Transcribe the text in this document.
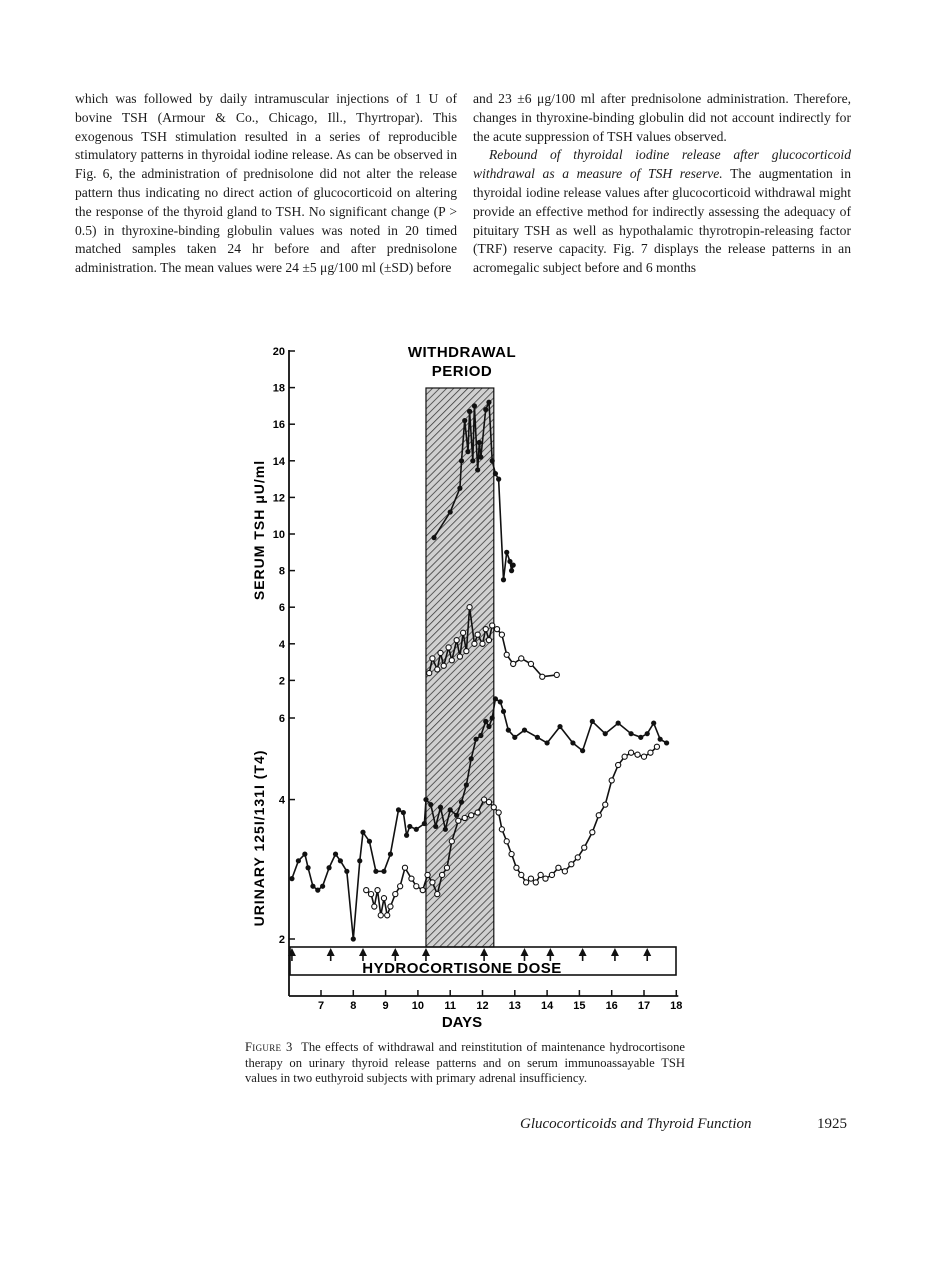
which was followed by daily intramuscular injections of 1 U of bovine TSH (Armour & Co., Chicago, Ill., Thyrtropar). This exogenous TSH stimulation resulted in a series of reproducible stimulatory patterns in thyroidal iodine release. As can be observed in Fig. 6, the administration of prednisolone did not alter the release pattern thus indicating no direct action of glucocorticoid on altering the response of the thyroid gland to TSH. No significant change (P > 0.5) in thyroxine-binding globulin values was noted in 20 timed matched samples taken 24 hr before and after prednisolone administration. The mean values were 24 ±5 μg/100 ml (±SD) before

and 23 ±6 μg/100 ml after prednisolone administration. Therefore, changes in thyroxine-binding globulin did not account indirectly for the acute suppression of TSH values observed.

Rebound of thyroidal iodine release after glucocorticoid withdrawal as a measure of TSH reserve. The augmentation in thyroidal iodine release values after glucocorticoid withdrawal might provide an effective method for indirectly assessing the adequacy of pituitary TSH as well as hypothalamic thyrotropin-releasing factor (TRF) reserve capacity. Fig. 7 displays the release patterns in an acromegalic subject before and 6 months

2
4
6
8
10
12
14
16
18
20
2
4
6
7 8 9 10 11 12 13 14 15 16 17 18
HYDROCORTISONE DOSE
WITHDRAWAL
PERIOD
SERUM TSH μU/ml
URINARY 125I/131I (T4)
DAYS
Figure 3 The effects of withdrawal and reinstitution of maintenance hydrocortisone therapy on urinary thyroid release patterns and on serum immunoassayable TSH values in two euthyroid subjects with primary adrenal insufficiency.
Glucocorticoids and Thyroid Function	1925
